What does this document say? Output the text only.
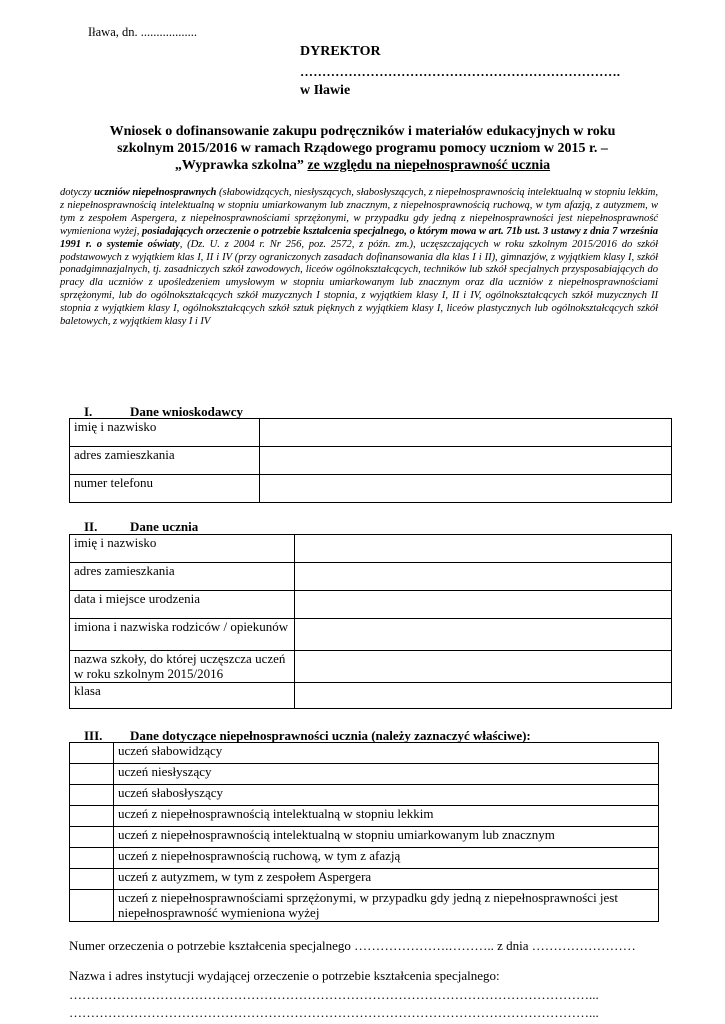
Iława, dn. ..................
DYREKTOR
……………………………………………………………….
w Iławie
Wniosek o dofinansowanie zakupu podręczników i materiałów edukacyjnych w roku
szkolnym 2015/2016 w ramach Rządowego programu pomocy uczniom w 2015 r. –
„Wyprawka szkolna” ze względu na niepełnosprawność ucznia
dotyczy uczniów niepełnosprawnych (słabowidzących, niesłyszących, słabosłyszących, z niepełnosprawnością intelektualną w stopniu lekkim, z niepełnosprawnością intelektualną w stopniu umiarkowanym lub znacznym, z niepełnosprawnością ruchową, w tym afazją, z autyzmem, w tym z zespołem Aspergera, z niepełnosprawnościami sprzężonymi, w przypadku gdy jedną z niepełnosprawności jest niepełnosprawność wymieniona wyżej, posiadających orzeczenie o potrzebie kształcenia specjalnego, o którym mowa w art. 71b ust. 3 ustawy z dnia 7 września 1991 r. o systemie oświaty, (Dz. U. z 2004 r. Nr 256, poz. 2572, z późn. zm.), uczęszczających w roku szkolnym 2015/2016 do szkół podstawowych z wyjątkiem klas I, II i IV (przy ograniczonych zasadach dofinansowania dla klas I i II), gimnazjów, z wyjątkiem klasy I, szkół ponadgimnazjalnych, tj. zasadniczych szkół zawodowych, liceów ogólnokształcących, techników lub szkół specjalnych przysposabiających do pracy dla uczniów z upośledzeniem umysłowym w stopniu umiarkowanym lub znacznym oraz dla uczniów z niepełnosprawnościami sprzężonymi, lub do ogólnokształcących szkół muzycznych I stopnia, z wyjątkiem klasy I, II i IV, ogólnokształcących szkół muzycznych II stopnia z wyjątkiem klasy I, ogólnokształcących szkół sztuk pięknych z wyjątkiem klasy I, liceów plastycznych lub ogólnokształcących szkół baletowych, z wyjątkiem klasy I i IV
I.	Dane wnioskodawcy
imię i nazwisko	
adres zamieszkania	
numer telefonu	
II.	Dane ucznia
imię i nazwisko	
adres zamieszkania	
data i miejsce urodzenia	
imiona i nazwiska rodziców / opiekunów	
nazwa szkoły, do której uczęszcza uczeń w roku szkolnym 2015/2016	
klasa	
III. Dane dotyczące niepełnosprawności ucznia (należy zaznaczyć właściwe):
	uczeń słabowidzący
	uczeń niesłyszący
	uczeń słabosłyszący
	uczeń z niepełnosprawnością intelektualną w stopniu lekkim
	uczeń z niepełnosprawnością intelektualną w stopniu umiarkowanym lub znacznym
	uczeń z niepełnosprawnością ruchową, w tym z afazją
	uczeń z autyzmem, w tym z zespołem Aspergera
	uczeń z niepełnosprawnościami sprzężonymi, w przypadku gdy jedną z niepełnosprawności jest niepełnosprawność wymieniona wyżej
Numer orzeczenia o potrzebie kształcenia specjalnego ………………….……….. z dnia ……………………
Nazwa i adres instytucji wydającej orzeczenie o potrzebie kształcenia specjalnego:
…………………………………………………………………………………………………………...
…………………………………………………………………………………………………………...
